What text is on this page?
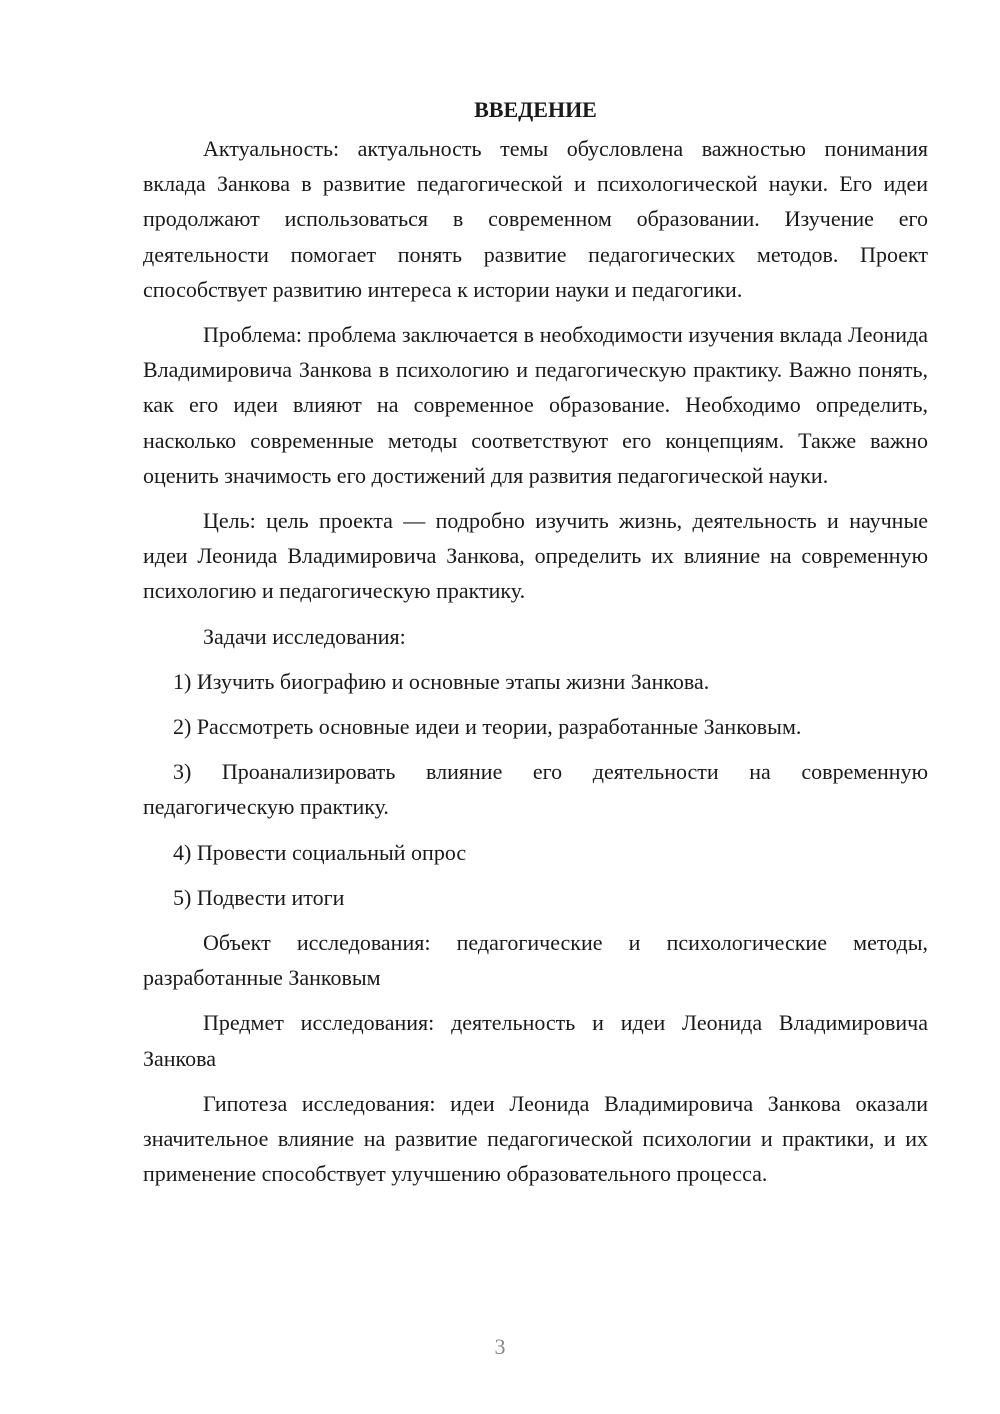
ВВЕДЕНИЕ

Актуальность: актуальность темы обусловлена важностью понимания вклада Занкова в развитие педагогической и психологической науки. Его идеи продолжают использоваться в современном образовании. Изучение его деятельности помогает понять развитие педагогических методов. Проект способствует развитию интереса к истории науки и педагогики.

Проблема: проблема заключается в необходимости изучения вклада Леонида Владимировича Занкова в психологию и педагогическую практику. Важно понять, как его идеи влияют на современное образование. Необходимо определить, насколько современные методы соответствуют его концепциям. Также важно оценить значимость его достижений для развития педагогической науки.

Цель: цель проекта — подробно изучить жизнь, деятельность и научные идеи Леонида Владимировича Занкова, определить их влияние на современную психологию и педагогическую практику.

Задачи исследования:

1) Изучить биографию и основные этапы жизни Занкова.

2) Рассмотреть основные идеи и теории, разработанные Занковым.

3) Проанализировать влияние его деятельности на современную педагогическую практику.

4) Провести социальный опрос

5) Подвести итоги

Объект исследования: педагогические и психологические методы, разработанные Занковым

Предмет исследования: деятельность и идеи Леонида Владимировича Занкова

Гипотеза исследования: идеи Леонида Владимировича Занкова оказали значительное влияние на развитие педагогической психологии и практики, и их применение способствует улучшению образовательного процесса.

3
